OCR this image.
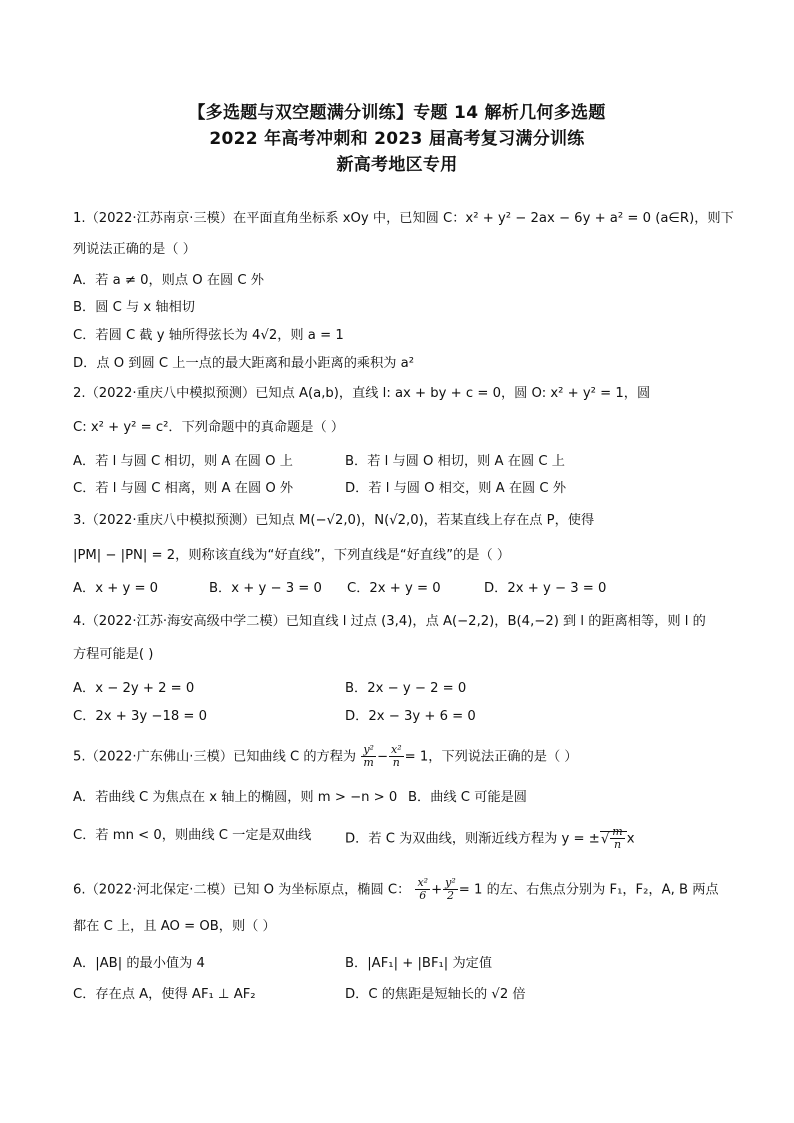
【多选题与双空题满分训练】专题 14 解析几何多选题
2022 年高考冲刺和 2023 届高考复习满分训练
新高考地区专用
1.（2022·江苏南京·三模）在平面直角坐标系 xOy 中，已知圆 C：x² + y² − 2ax − 6y + a² = 0 (a∈R)，则下
列说法正确的是（ ）
A．若 a ≠ 0，则点 O 在圆 C 外
B．圆 C 与 x 轴相切
C．若圆 C 截 y 轴所得弦长为 4√2，则 a = 1
D．点 O 到圆 C 上一点的最大距离和最小距离的乘积为 a²
2.（2022·重庆八中模拟预测）已知点 A(a,b)，直线 l: ax + by + c = 0，圆 O: x² + y² = 1，圆
C: x² + y² = c²．下列命题中的真命题是（ ）
A．若 l 与圆 C 相切，则 A 在圆 O 上	B．若 l 与圆 O 相切，则 A 在圆 C 上
C．若 l 与圆 C 相离，则 A 在圆 O 外	D．若 l 与圆 O 相交，则 A 在圆 C 外
3.（2022·重庆八中模拟预测）已知点 M(−√2,0)，N(√2,0)，若某直线上存在点 P，使得
|PM| − |PN| = 2，则称该直线为“好直线”，下列直线是“好直线”的是（ ）
A．x + y = 0	B．x + y − 3 = 0 C．2x + y = 0	D．2x + y − 3 = 0
4.（2022·江苏·海安高级中学二模）已知直线 l 过点 (3,4)，点 A(−2,2)，B(4,−2) 到 l 的距离相等，则 l 的
方程可能是( )
A．x − 2y + 2 = 0	B．2x − y − 2 = 0
C．2x + 3y −18 = 0	D．2x − 3y + 6 = 0
5.（2022·广东佛山·三模）已知曲线 C 的方程为 $\frac{\text{y²}}{m} - \frac{\text{x²}}{n} = 1$，下列说法正确的是（ ）
A．若曲线 C 为焦点在 x 轴上的椭圆，则 m > −n > 0 B．曲线 C 可能是圆
C．若 mn < 0，则曲线 C 一定是双曲线	D．若 C 为双曲线，则渐近线方程为 y = ±√ $\frac{m}{n}$ x
6.（2022·河北保定·二模）已知 O 为坐标原点，椭圆 C： $\frac{\text{x²}}{6} + \frac{\text{y²}}{2} = 1$ 的左、右焦点分别为 F₁，F₂，A, B 两点
都在 C 上，且 AO = OB，则（ ）
A．|AB| 的最小值为 4	B．|AF₁| + |BF₁| 为定值
C．存在点 A，使得 AF₁ ⊥ AF₂	D．C 的焦距是短轴长的 √2 倍
